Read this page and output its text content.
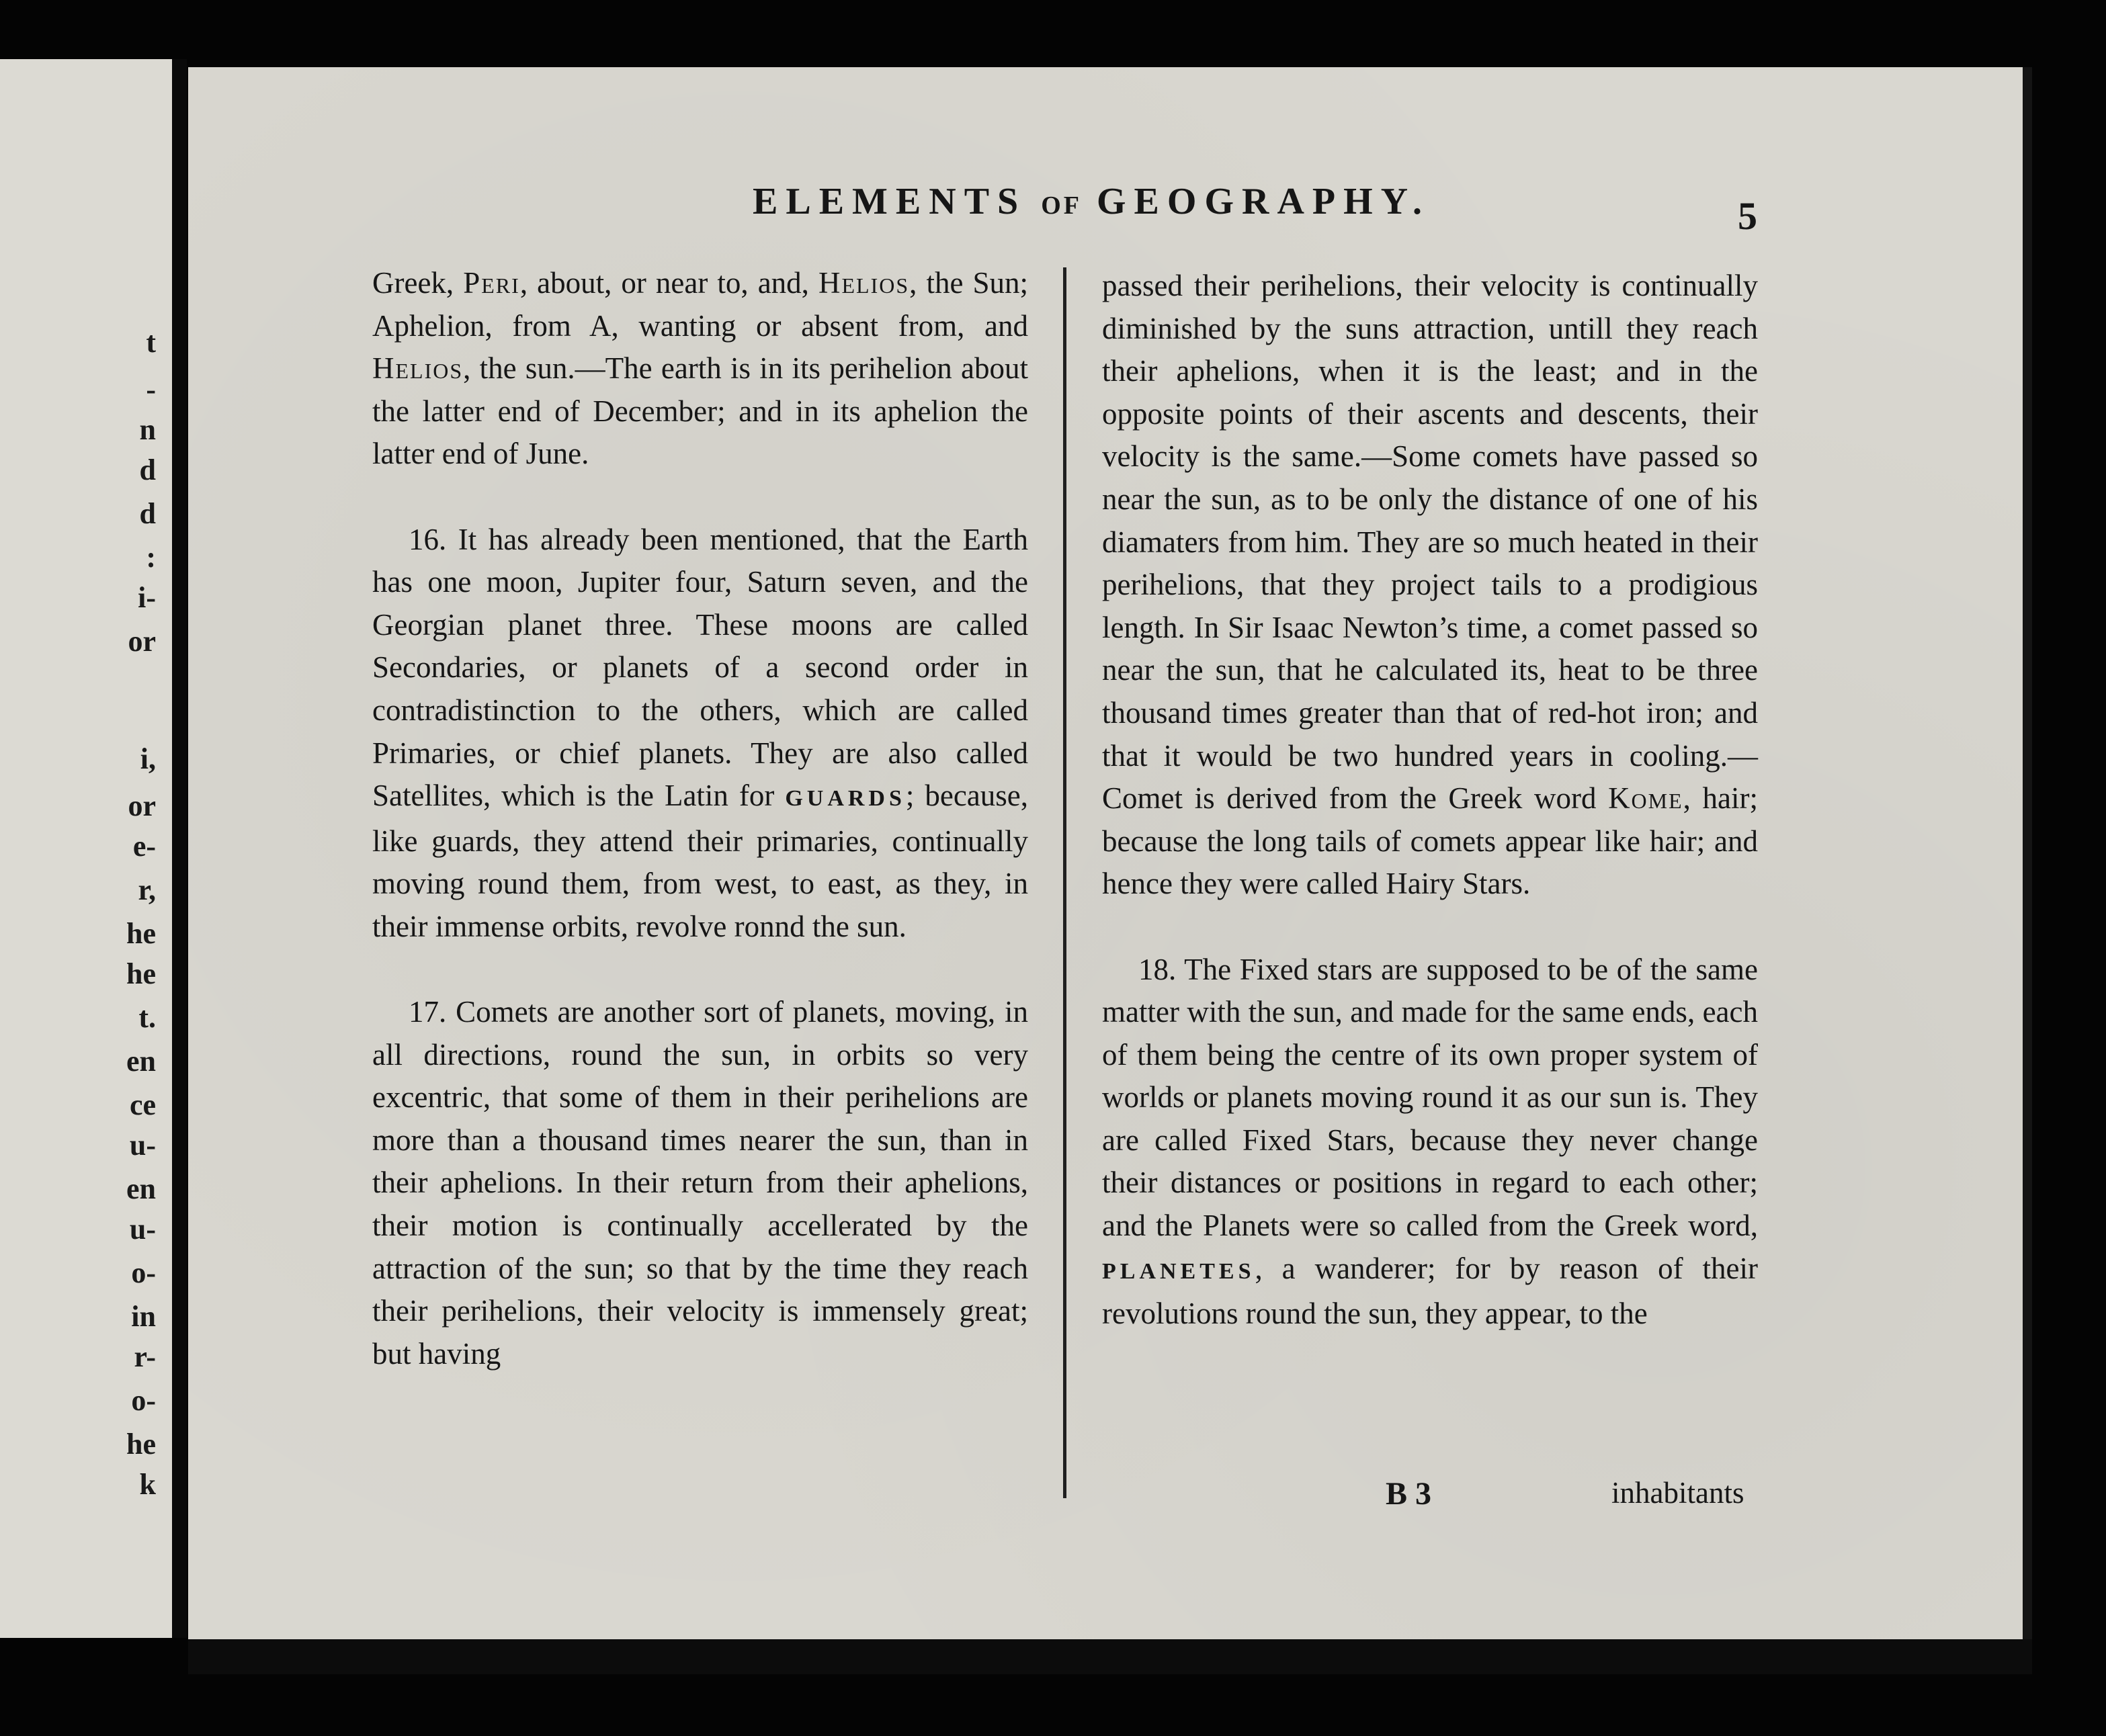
t
-
n
d
d
:
i-
or
i,
or
e-
r,
he
he
t.
en
ce
u-
en
u-
o-
in
r-
o-
he
k
ELEMENTS OF GEOGRAPHY.	5

Greek, Peri, about, or near to, and, Helios, the Sun; Aphelion, from A, wanting or absent from, and Helios, the sun.—The earth is in its perihelion about the latter end of December; and in its aphelion the latter end of June.

16. It has already been mentioned, that the Earth has one moon, Jupiter four, Saturn seven, and the Georgian planet three. These moons are called Secondaries, or planets of a second order in contradistinction to the others, which are called Primaries, or chief planets. They are also called Satellites, which is the Latin for GUARDS; because, like guards, they attend their primaries, continually moving round them, from west, to east, as they, in their immense orbits, revolve ronnd the sun.

17. Comets are another sort of planets, moving, in all directions, round the sun, in orbits so very excentric, that some of them in their perihelions are more than a thousand times nearer the sun, than in their aphelions. In their return from their aphelions, their motion is continually accellerated by the attraction of the sun; so that by the time they reach their perihelions, their velocity is immensely great; but having

passed their perihelions, their velocity is continually diminished by the suns attraction, untill they reach their aphelions, when it is the least; and in the opposite points of their ascents and descents, their velocity is the same.—Some comets have passed so near the sun, as to be only the distance of one of his diamaters from him. They are so much heated in their perihelions, that they project tails to a prodigious length. In Sir Isaac Newton’s time, a comet passed so near the sun, that he calculated its, heat to be three thousand times greater than that of red-hot iron; and that it would be two hundred years in cooling.—Comet is derived from the Greek word Kome, hair; because the long tails of comets appear like hair; and hence they were called Hairy Stars.

18. The Fixed stars are supposed to be of the same matter with the sun, and made for the same ends, each of them being the centre of its own proper system of worlds or planets moving round it as our sun is. They are called Fixed Stars, because they never change their distances or positions in regard to each other; and the Planets were so called from the Greek word, PLANETES, a wanderer; for by reason of their revolutions round the sun, they appear, to the

B 3	inhabitants
